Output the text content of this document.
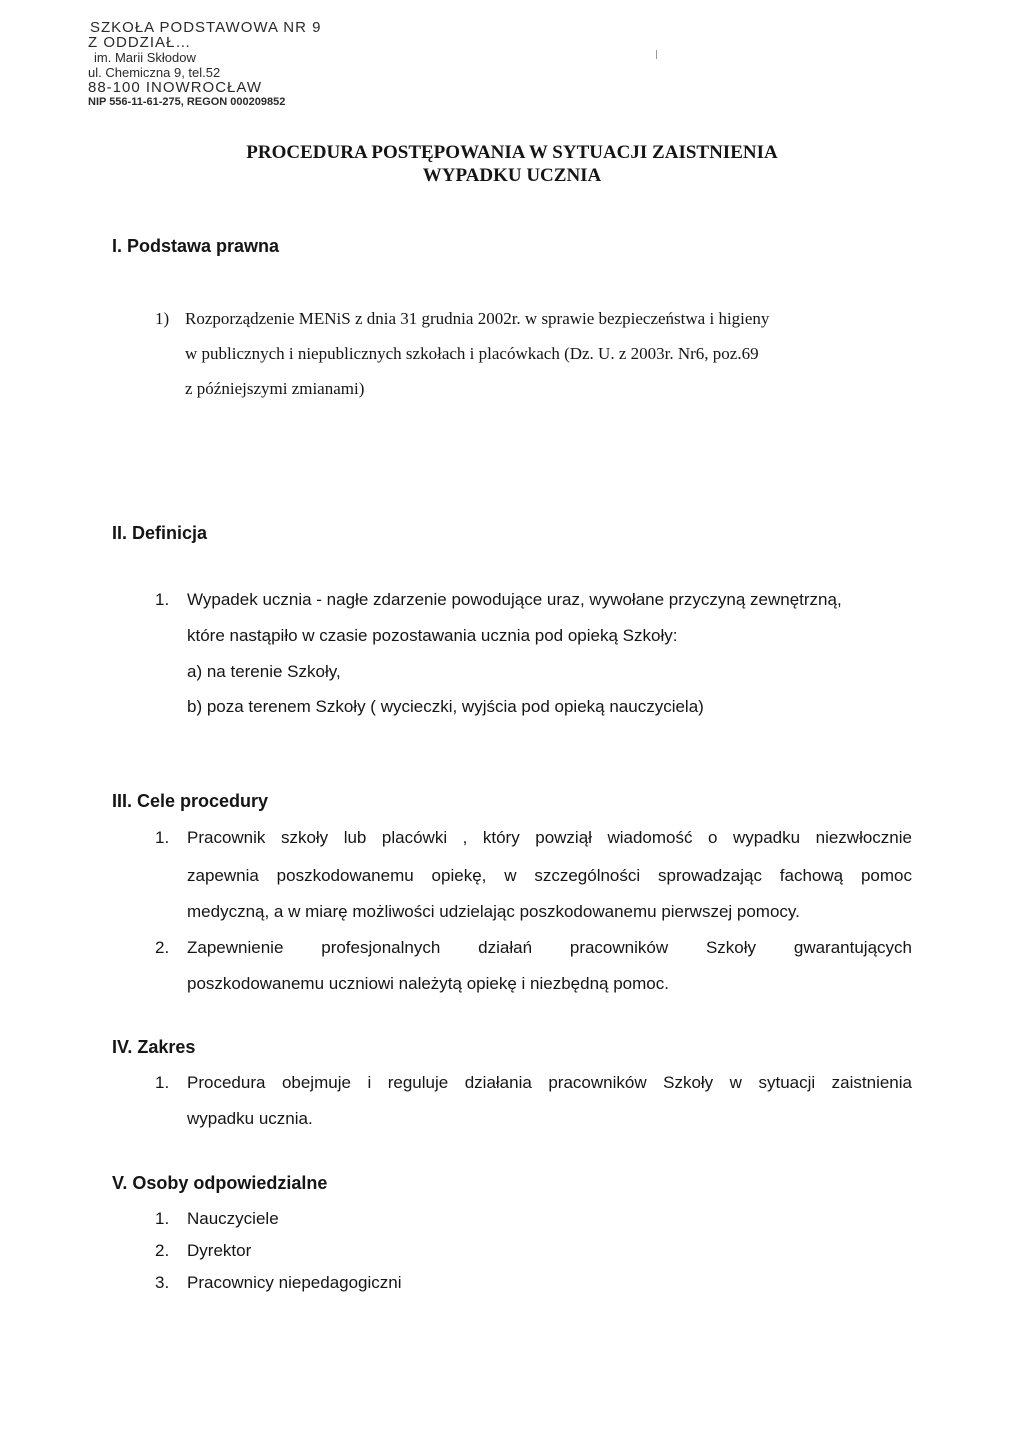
SZKOŁA PODSTAWOWA NR 9
Z ODDZIAŁ…
im. Marii Skłodow
ul. Chemiczna 9, tel.52
88-100 INOWROCŁAW
NIP 556-11-61-275, REGON 000209852
PROCEDURA POSTĘPOWANIA W SYTUACJI ZAISTNIENIA
WYPADKU UCZNIA
I. Podstawa prawna
1) Rozporządzenie MENiS z dnia 31 grudnia 2002r. w sprawie bezpieczeństwa i higieny
w publicznych i niepublicznych szkołach i placówkach (Dz. U. z 2003r. Nr6, poz.69
z późniejszymi zmianami)
II. Definicja
1. Wypadek ucznia - nagłe zdarzenie powodujące uraz, wywołane przyczyną zewnętrzną,
które nastąpiło w czasie pozostawania ucznia pod opieką Szkoły:
a) na terenie Szkoły,
b) poza terenem Szkoły ( wycieczki, wyjścia pod opieką nauczyciela)
III. Cele procedury
1. Pracownik szkoły lub placówki , który powziął wiadomość o wypadku niezwłocznie
zapewnia poszkodowanemu opiekę, w szczególności sprowadzając fachową pomoc
medyczną, a w miarę możliwości udzielając poszkodowanemu pierwszej pomocy.
2. Zapewnienie profesjonalnych działań pracowników Szkoły gwarantujących
poszkodowanemu uczniowi należytą opiekę i niezbędną pomoc.
IV. Zakres
1. Procedura obejmuje i reguluje działania pracowników Szkoły w sytuacji zaistnienia
wypadku ucznia.
V. Osoby odpowiedzialne
1. Nauczyciele
2. Dyrektor
3. Pracownicy niepedagogiczni
